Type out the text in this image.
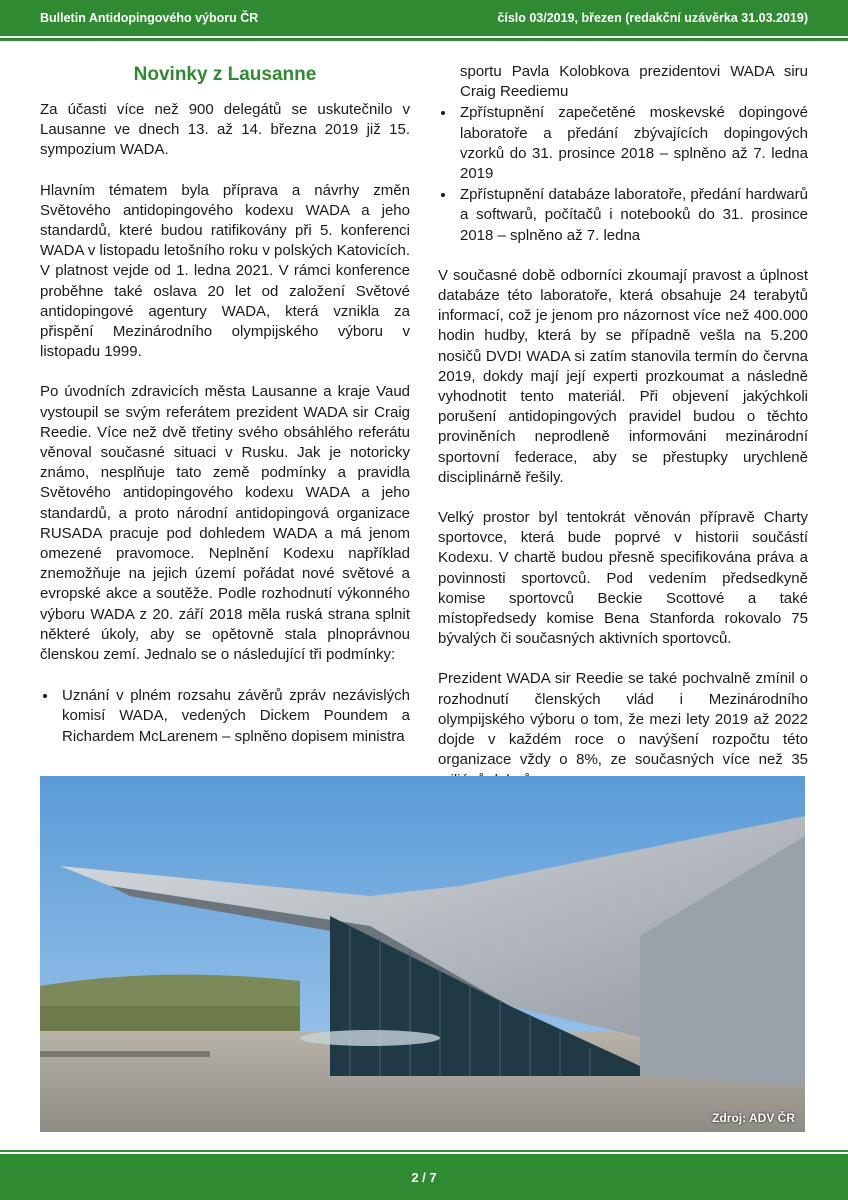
Bulletin Antidopingového výboru ČR	číslo 03/2019, březen (redakční uzávěrka 31.03.2019)
Novinky z Lausanne

Za účasti více než 900 delegátů se uskutečnilo v Lausanne ve dnech 13. až 14. března 2019 již 15. sympozium WADA.

Hlavním tématem byla příprava a návrhy změn Světového antidopingového kodexu WADA a jeho standardů, které budou ratifikovány při 5. konferenci WADA v listopadu letošního roku v polských Katovicích. V platnost vejde od 1. ledna 2021. V rámci konference proběhne také oslava 20 let od založení Světové antidopingové agentury WADA, která vznikla za přispění Mezinárodního olympijského výboru v listopadu 1999.

Po úvodních zdravicích města Lausanne a kraje Vaud vystoupil se svým referátem prezident WADA sir Craig Reedie. Více než dvě třetiny svého obsáhlého referátu věnoval současné situaci v Rusku. Jak je notoricky známo, nesplňuje tato země podmínky a pravidla Světového antidopingového kodexu WADA a jeho standardů, a proto národní antidopingová organizace RUSADA pracuje pod dohledem WADA a má jenom omezené pravomoce. Neplnění Kodexu například znemožňuje na jejich území pořádat nové světové a evropské akce a soutěže. Podle rozhodnutí výkonného výboru WADA z 20. září 2018 měla ruská strana splnit některé úkoly, aby se opětovně stala plnoprávnou členskou zemí. Jednalo se o následující tři podmínky:

• Uznání v plném rozsahu závěrů zpráv nezávislých komisí WADA, vedených Dickem Poundem a Richardem McLarenem – splněno dopisem ministra
sportu Pavla Kolobkova prezidentovi WADA siru Craig Reediemu
• Zpřístupnění zapečetěné moskevské dopingové laboratoře a předání zbývajících dopingových vzorků do 31. prosince 2018 – splněno až 7. ledna 2019
• Zpřístupnění databáze laboratoře, předání hardwarů a softwarů, počítačů i notebooků do 31. prosince 2018 – splněno až 7. ledna

V současné době odborníci zkoumají pravost a úplnost databáze této laboratoře, která obsahuje 24 terabytů informací, což je jenom pro názornost více než 400.000 hodin hudby, která by se případně vešla na 5.200 nosičů DVD! WADA si zatím stanovila termín do června 2019, dokdy mají její experti prozkoumat a následně vyhodnotit tento materiál. Při objevení jakýchkoli porušení antidopingových pravidel budou o těchto proviněních neprodleně informováni mezinárodní sportovní federace, aby se přestupky urychleně disciplinárně řešily.

Velký prostor byl tentokrát věnován přípravě Charty sportovce, která bude poprvé v historii součástí Kodexu. V chartě budou přesně specifikována práva a povinnosti sportovců. Pod vedením předsedkyně komise sportovců Beckie Scottové a také místopředsedy komise Bena Stanforda rokovalo 75 bývalých či současných aktivních sportovců.

Prezident WADA sir Reedie se také pochvalně zmínil o rozhodnutí členských vlád i Mezinárodního olympijského výboru o tom, že mezi lety 2019 až 2022 dojde v každém roce o navýšení rozpočtu této organizace vždy o 8%, ze současných více než 35

Zdroj: ADV ČR
2 / 7
